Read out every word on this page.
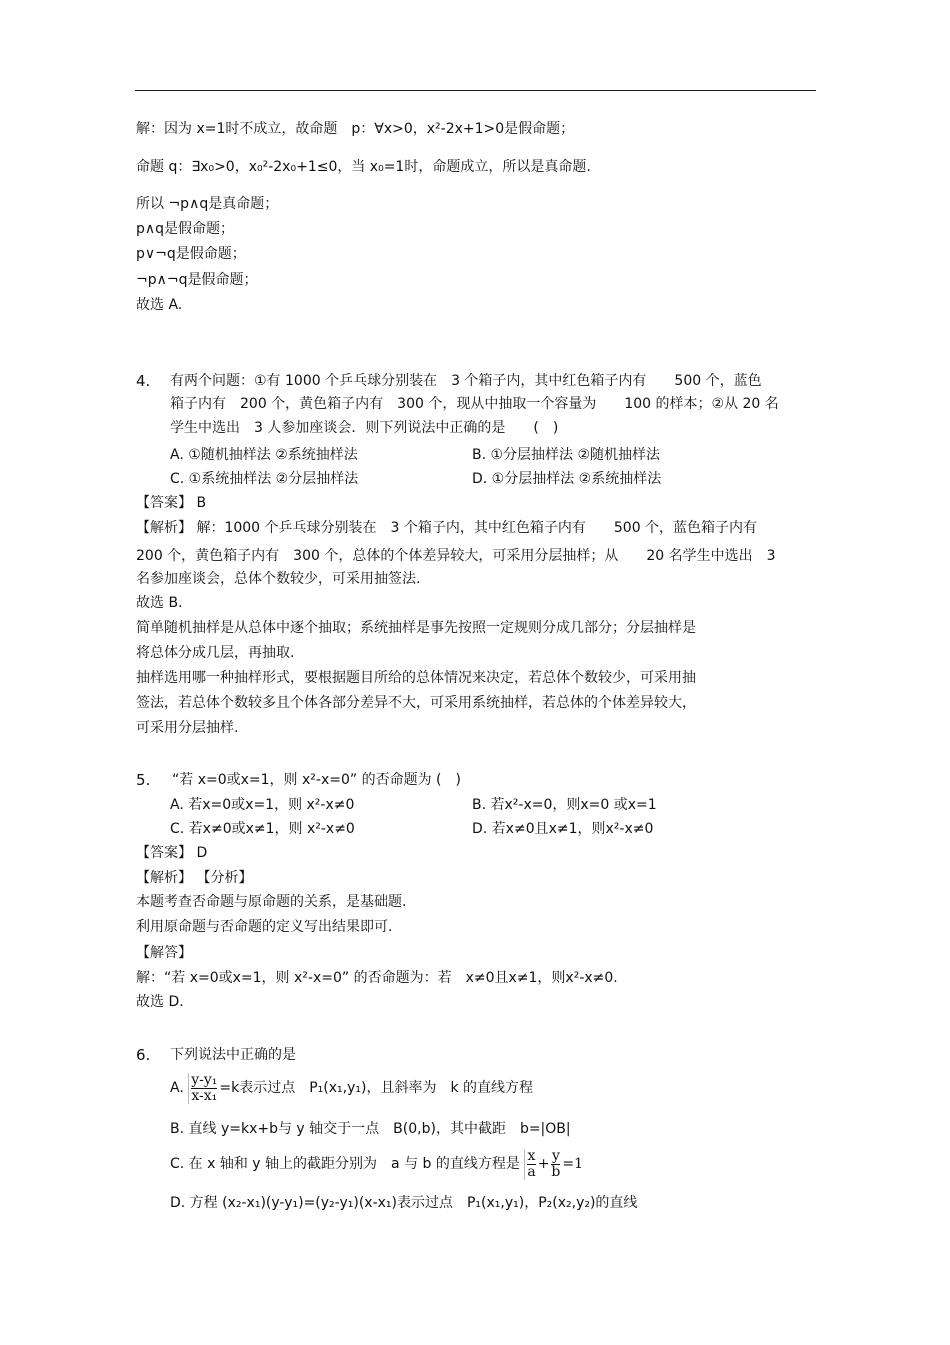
解：因为 x=1时不成立，故命题　p：∀x>0，x²-2x+1>0是假命题；
命题 q：∃x₀>0，x₀²-2x₀+1≤0，当 x₀=1时，命题成立，所以是真命题.
所以 ¬p∧q是真命题；
p∧q是假命题；
p∨¬q是假命题；
¬p∧¬q是假命题；
故选 A.
4. 有两个问题：①有 1000 个乒乓球分别装在　3 个箱子内，其中红色箱子内有　　500 个，蓝色
箱子内有　200 个，黄色箱子内有　300 个，现从中抽取一个容量为　　100 的样本；②从 20 名
学生中选出　3 人参加座谈会．则下列说法中正确的是　　(　)
A. ①随机抽样法 ②系统抽样法	B. ①分层抽样法 ②随机抽样法
C. ①系统抽样法 ②分层抽样法	D. ①分层抽样法 ②系统抽样法
【答案】 B
【解析】 解：1000 个乒乓球分别装在　3 个箱子内，其中红色箱子内有　　500 个，蓝色箱子内有
200 个，黄色箱子内有　300 个，总体的个体差异较大，可采用分层抽样；从　　20 名学生中选出　3
名参加座谈会，总体个数较少，可采用抽签法.
故选 B.
简单随机抽样是从总体中逐个抽取；系统抽样是事先按照一定规则分成几部分；分层抽样是
将总体分成几层，再抽取.
抽样选用哪一种抽样形式，要根据题目所给的总体情况来决定，若总体个数较少，可采用抽
签法，若总体个数较多且个体各部分差异不大，可采用系统抽样，若总体的个体差异较大，
可采用分层抽样.
5. “若 x=0或x=1，则 x²-x=0” 的否命题为 (　)
A. 若x=0或x=1，则 x²-x≠0	B. 若x²-x=0，则x=0 或x=1
C. 若x≠0或x≠1，则 x²-x≠0	D. 若x≠0且x≠1，则x²-x≠0
【答案】 D
【解析】 【分析】
本题考查否命题与原命题的关系，是基础题.
利用原命题与否命题的定义写出结果即可.
【解答】
解：“若 x=0或x=1，则 x²-x=0” 的否命题为：若　x≠0且x≠1，则x²-x≠0.
故选 D.
6. 下列说法中正确的是
A. $\frac{\text{y-y₁}}{\text{x-x₁}} =k$表示过点　P₁(x₁,y₁)，且斜率为　k 的直线方程
B. 直线 y=kx+b与 y 轴交于一点　B(0,b)，其中截距　b=|OB|
C. 在 x 轴和 y 轴上的截距分别为　a 与 b 的直线方程是 $\frac{x}{a} + \frac{y}{b} =1$
D. 方程 (x₂-x₁)(y-y₁)=(y₂-y₁)(x-x₁)表示过点　P₁(x₁,y₁)，P₂(x₂,y₂)的直线
